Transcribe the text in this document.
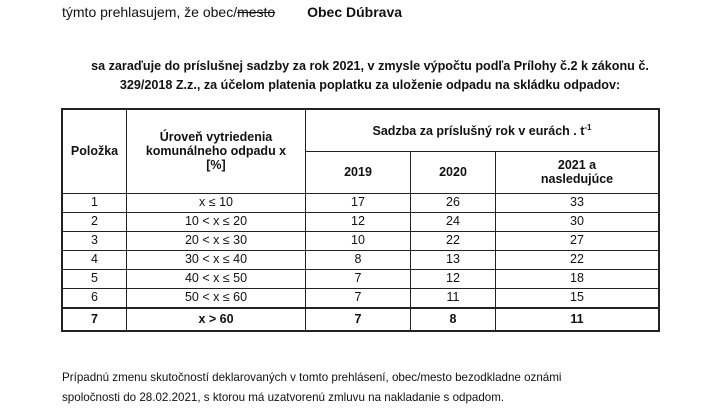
týmto prehlasujem, že obec/mesto Obec Dúbrava
sa zaraďuje do príslušnej sadzby za rok 2021, v zmysle výpočtu podľa Prílohy č.2 k zákonu č.
329/2018 Z.z., za účelom platenia poplatku za uloženie odpadu na skládku odpadov:
Položka	Úroveň vytriedenia
komunálneho odpadu x
[%]	Sadzba za príslušný rok v eurách . $t^{-1}$
		2019	2020	2021 a
nasledujúce

1	x ≤ 10	17	26	33
2	10 < x ≤ 20	12	24	30
3	20 < x ≤ 30	10	22	27
4	30 < x ≤ 40	8	13	22
5	40 < x ≤ 50	7	12	18
6	50 < x ≤ 60	7	11	15
7	x > 60	7	8	11
Prípadnú zmenu skutočností deklarovaných v tomto prehlásení, obec/mesto bezodkladne oznámi
spoločnosti do 28.02.2021, s ktorou má uzatvorenú zmluvu na nakladanie s odpadom.
